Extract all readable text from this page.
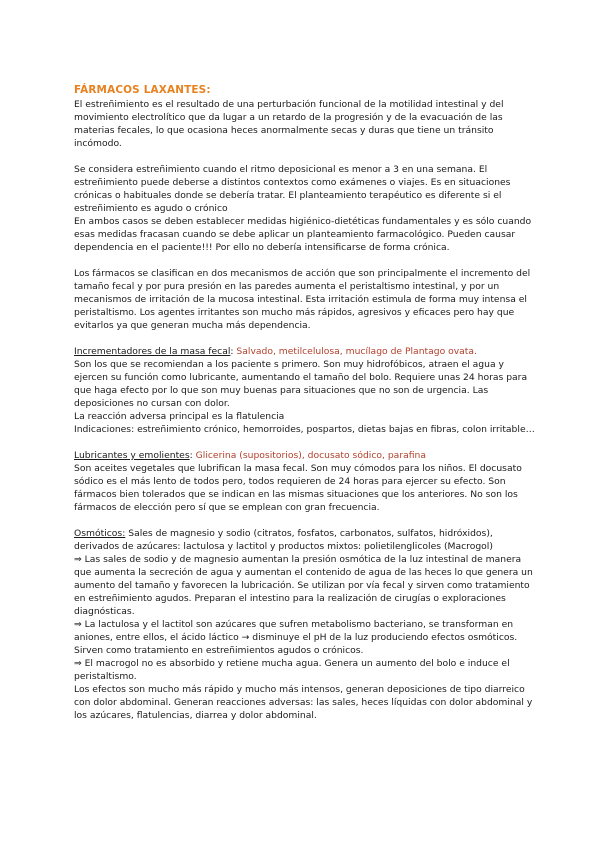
FÁRMACOS LAXANTES:

El estreñimiento es el resultado de una perturbación funcional de la motilidad intestinal y del movimiento electrolítico que da lugar a un retardo de la progresión y de la evacuación de las materias fecales, lo que ocasiona heces anormalmente secas y duras que tiene un tránsito incómodo.

Se considera estreñimiento cuando el ritmo deposicional es menor a 3 en una semana. El estreñimiento puede deberse a distintos contextos como exámenes o viajes. Es en situaciones crónicas o habituales donde se debería tratar. El planteamiento terapéutico es diferente si el estreñimiento es agudo o crónico

En ambos casos se deben establecer medidas higiénico-dietéticas fundamentales y es sólo cuando esas medidas fracasan cuando se debe aplicar un planteamiento farmacológico. Pueden causar dependencia en el paciente!!! Por ello no debería intensificarse de forma crónica.

Los fármacos se clasifican en dos mecanismos de acción que son principalmente el incremento del tamaño fecal y por pura presión en las paredes aumenta el peristaltismo intestinal, y por un mecanismos de irritación de la mucosa intestinal. Esta irritación estimula de forma muy intensa el peristaltismo. Los agentes irritantes son mucho más rápidos, agresivos y eficaces pero hay que evitarlos ya que generan mucha más dependencia.

Incrementadores de la masa fecal: Salvado, metilcelulosa, mucílago de Plantago ovata.

Son los que se recomiendan a los paciente s primero. Son muy hidrofóbicos, atraen el agua y ejercen su función como lubricante, aumentando el tamaño del bolo. Requiere unas 24 horas para que haga efecto por lo que son muy buenas para situaciones que no son de urgencia. Las deposiciones no cursan con dolor.

La reacción adversa principal es la flatulencia

Indicaciones: estreñimiento crónico, hemorroides, pospartos, dietas bajas en fibras, colon irritable…

Lubricantes y emolientes: Glicerina (supositorios), docusato sódico, parafina

Son aceites vegetales que lubrifican la masa fecal. Son muy cómodos para los niños. El docusato sódico es el más lento de todos pero, todos requieren de 24 horas para ejercer su efecto. Son fármacos bien tolerados que se indican en las mismas situaciones que los anteriores. No son los fármacos de elección pero sí que se emplean con gran frecuencia.

Osmóticos: Sales de magnesio y sodio (citratos, fosfatos, carbonatos, sulfatos, hidróxidos), derivados de azúcares: lactulosa y lactitol y productos mixtos: polietilenglicoles (Macrogol)

⇒ Las sales de sodio y de magnesio aumentan la presión osmótica de la luz intestinal de manera que aumenta la secreción de agua y aumentan el contenido de agua de las heces lo que genera un aumento del tamaño y favorecen la lubricación. Se utilizan por vía fecal y sirven como tratamiento en estreñimiento agudos. Preparan el intestino para la realización de cirugías o exploraciones diagnósticas.

⇒ La lactulosa y el lactitol son azúcares que sufren metabolismo bacteriano, se transforman en aniones, entre ellos, el ácido láctico → disminuye el pH de la luz produciendo efectos osmóticos. Sirven como tratamiento en estreñimientos agudos o crónicos.

⇒ El macrogol no es absorbido y retiene mucha agua. Genera un aumento del bolo e induce el peristaltismo.

Los efectos son mucho más rápido y mucho más intensos, generan deposiciones de tipo diarreico con dolor abdominal. Generan reacciones adversas: las sales, heces líquidas con dolor abdominal y los azúcares, flatulencias, diarrea y dolor abdominal.
